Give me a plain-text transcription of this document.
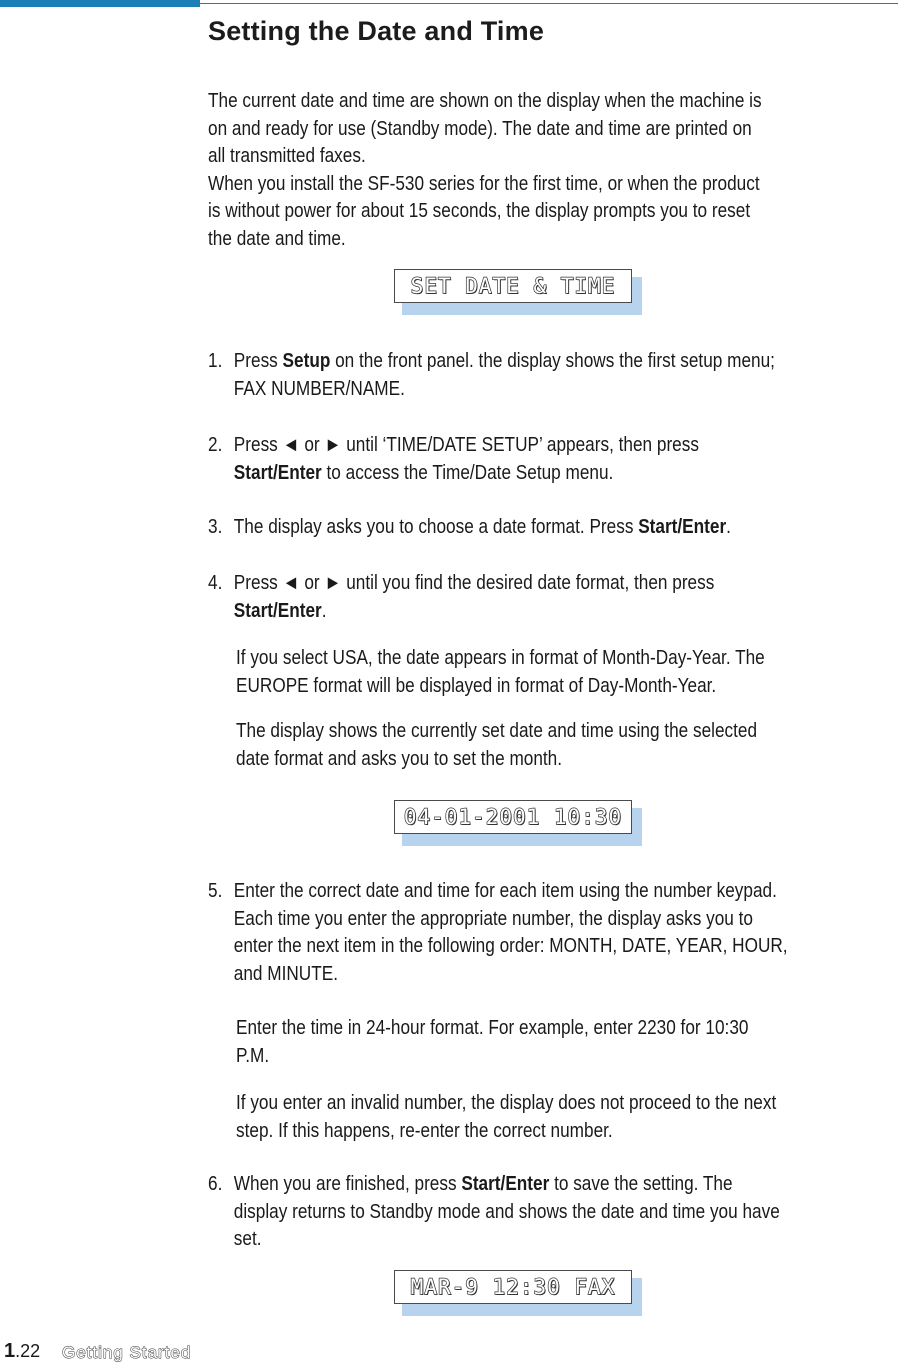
Setting the Date and Time

The current date and time are shown on the display when the machine is
on and ready for use (Standby mode). The date and time are printed on
all transmitted faxes.
When you install the SF-530 series for the first time, or when the product
is without power for about 15 seconds, the display prompts you to reset
the date and time.

SET DATE & TIME

1. Press Setup on the front panel. the display shows the first setup menu;
FAX NUMBER/NAME.

2. Press ◄ or ► until ‘TIME/DATE SETUP’ appears, then press
Start/Enter to access the Time/Date Setup menu.

3. The display asks you to choose a date format. Press Start/Enter.

4. Press ◄ or ► until you find the desired date format, then press
Start/Enter.

If you select USA, the date appears in format of Month-Day-Year. The
EUROPE format will be displayed in format of Day-Month-Year.

The display shows the currently set date and time using the selected
date format and asks you to set the month.

04-01-2001 10:30

5. Enter the correct date and time for each item using the number keypad.
Each time you enter the appropriate number, the display asks you to
enter the next item in the following order: MONTH, DATE, YEAR, HOUR,
and MINUTE.

Enter the time in 24-hour format. For example, enter 2230 for 10:30
P.M.

If you enter an invalid number, the display does not proceed to the next
step. If this happens, re-enter the correct number.

6. When you are finished, press Start/Enter to save the setting. The
display returns to Standby mode and shows the date and time you have
set.

MAR-9 12:30 FAX
1.22 Getting Started
